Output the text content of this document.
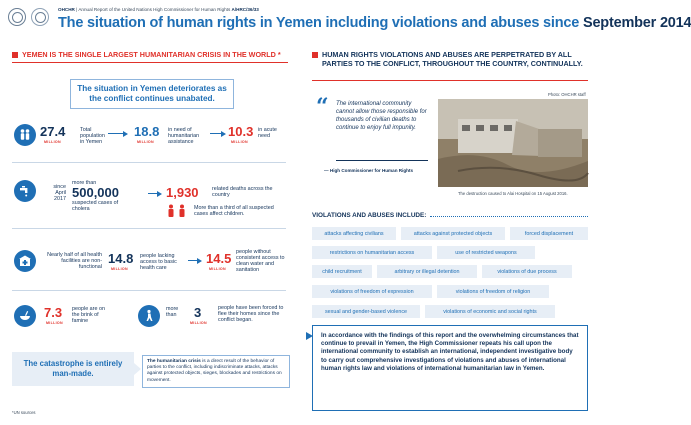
OHCHR | Annual Report of the United Nations High Commissioner for Human Rights A/HRC/36/33
The situation of human rights in Yemen including violations and abuses since September 2014
YEMEN IS THE SINGLE LARGEST HUMANITARIAN CRISIS IN THE WORLD *
The situation in Yemen deteriorates as the conflict continues unabated.
27.4
MILLION
Total population in Yemen
18.8
MILLION
in need of humanitarian assistance
10.3
MILLION
in acute need
since April 2017
more than
500,000
suspected cases of cholera
1,930 related deaths across the country
More than a third of all suspected cases affect children.
Nearly half of all health facilities are non-functional
14.8
MILLION
people lacking access to basic health care
14.5
MILLION
people without consistent access to clean water and sanitation
7.3
MILLION
people are on the brink of famine
more than	3
MILLION
people have been forced to flee their homes since the conflict began.
The catastrophe is entirely man-made.
The humanitarian crisis is a direct result of the behavior of parties to the conflict, including indiscriminate attacks, attacks against protected objects, sieges, blockades and restrictions on movement.
*UN sources
HUMAN RIGHTS VIOLATIONS AND ABUSES ARE PERPETRATED BY ALL PARTIES TO THE CONFLICT, THROUGHOUT THE COUNTRY, CONTINUALLY.
“ The international community cannot allow those responsible for thousands of civilian deaths to continue to enjoy full impunity.
— High Commissioner for Human Rights
Photo: OHCHR staff
The destruction caused to Alai Hospital on 15 August 2016.
VIOLATIONS AND ABUSES INCLUDE:
attacks affecting civilians	attacks against protected objects	forced displacement
restrictions on humanitarian access	use of restricted weapons
child recruitment	arbitrary or illegal detention	violations of due process
violations of freedom of expression	violations of freedom of religion
sexual and gender-based violence	violations of economic and social rights
In accordance with the findings of this report and the overwhelming circumstances that continue to prevail in Yemen, the High Commissioner repeats his call upon the international community to establish an international, independent investigative body to carry out comprehensive investigations of violations and abuses of international human rights law and violations of international humanitarian law in Yemen.
